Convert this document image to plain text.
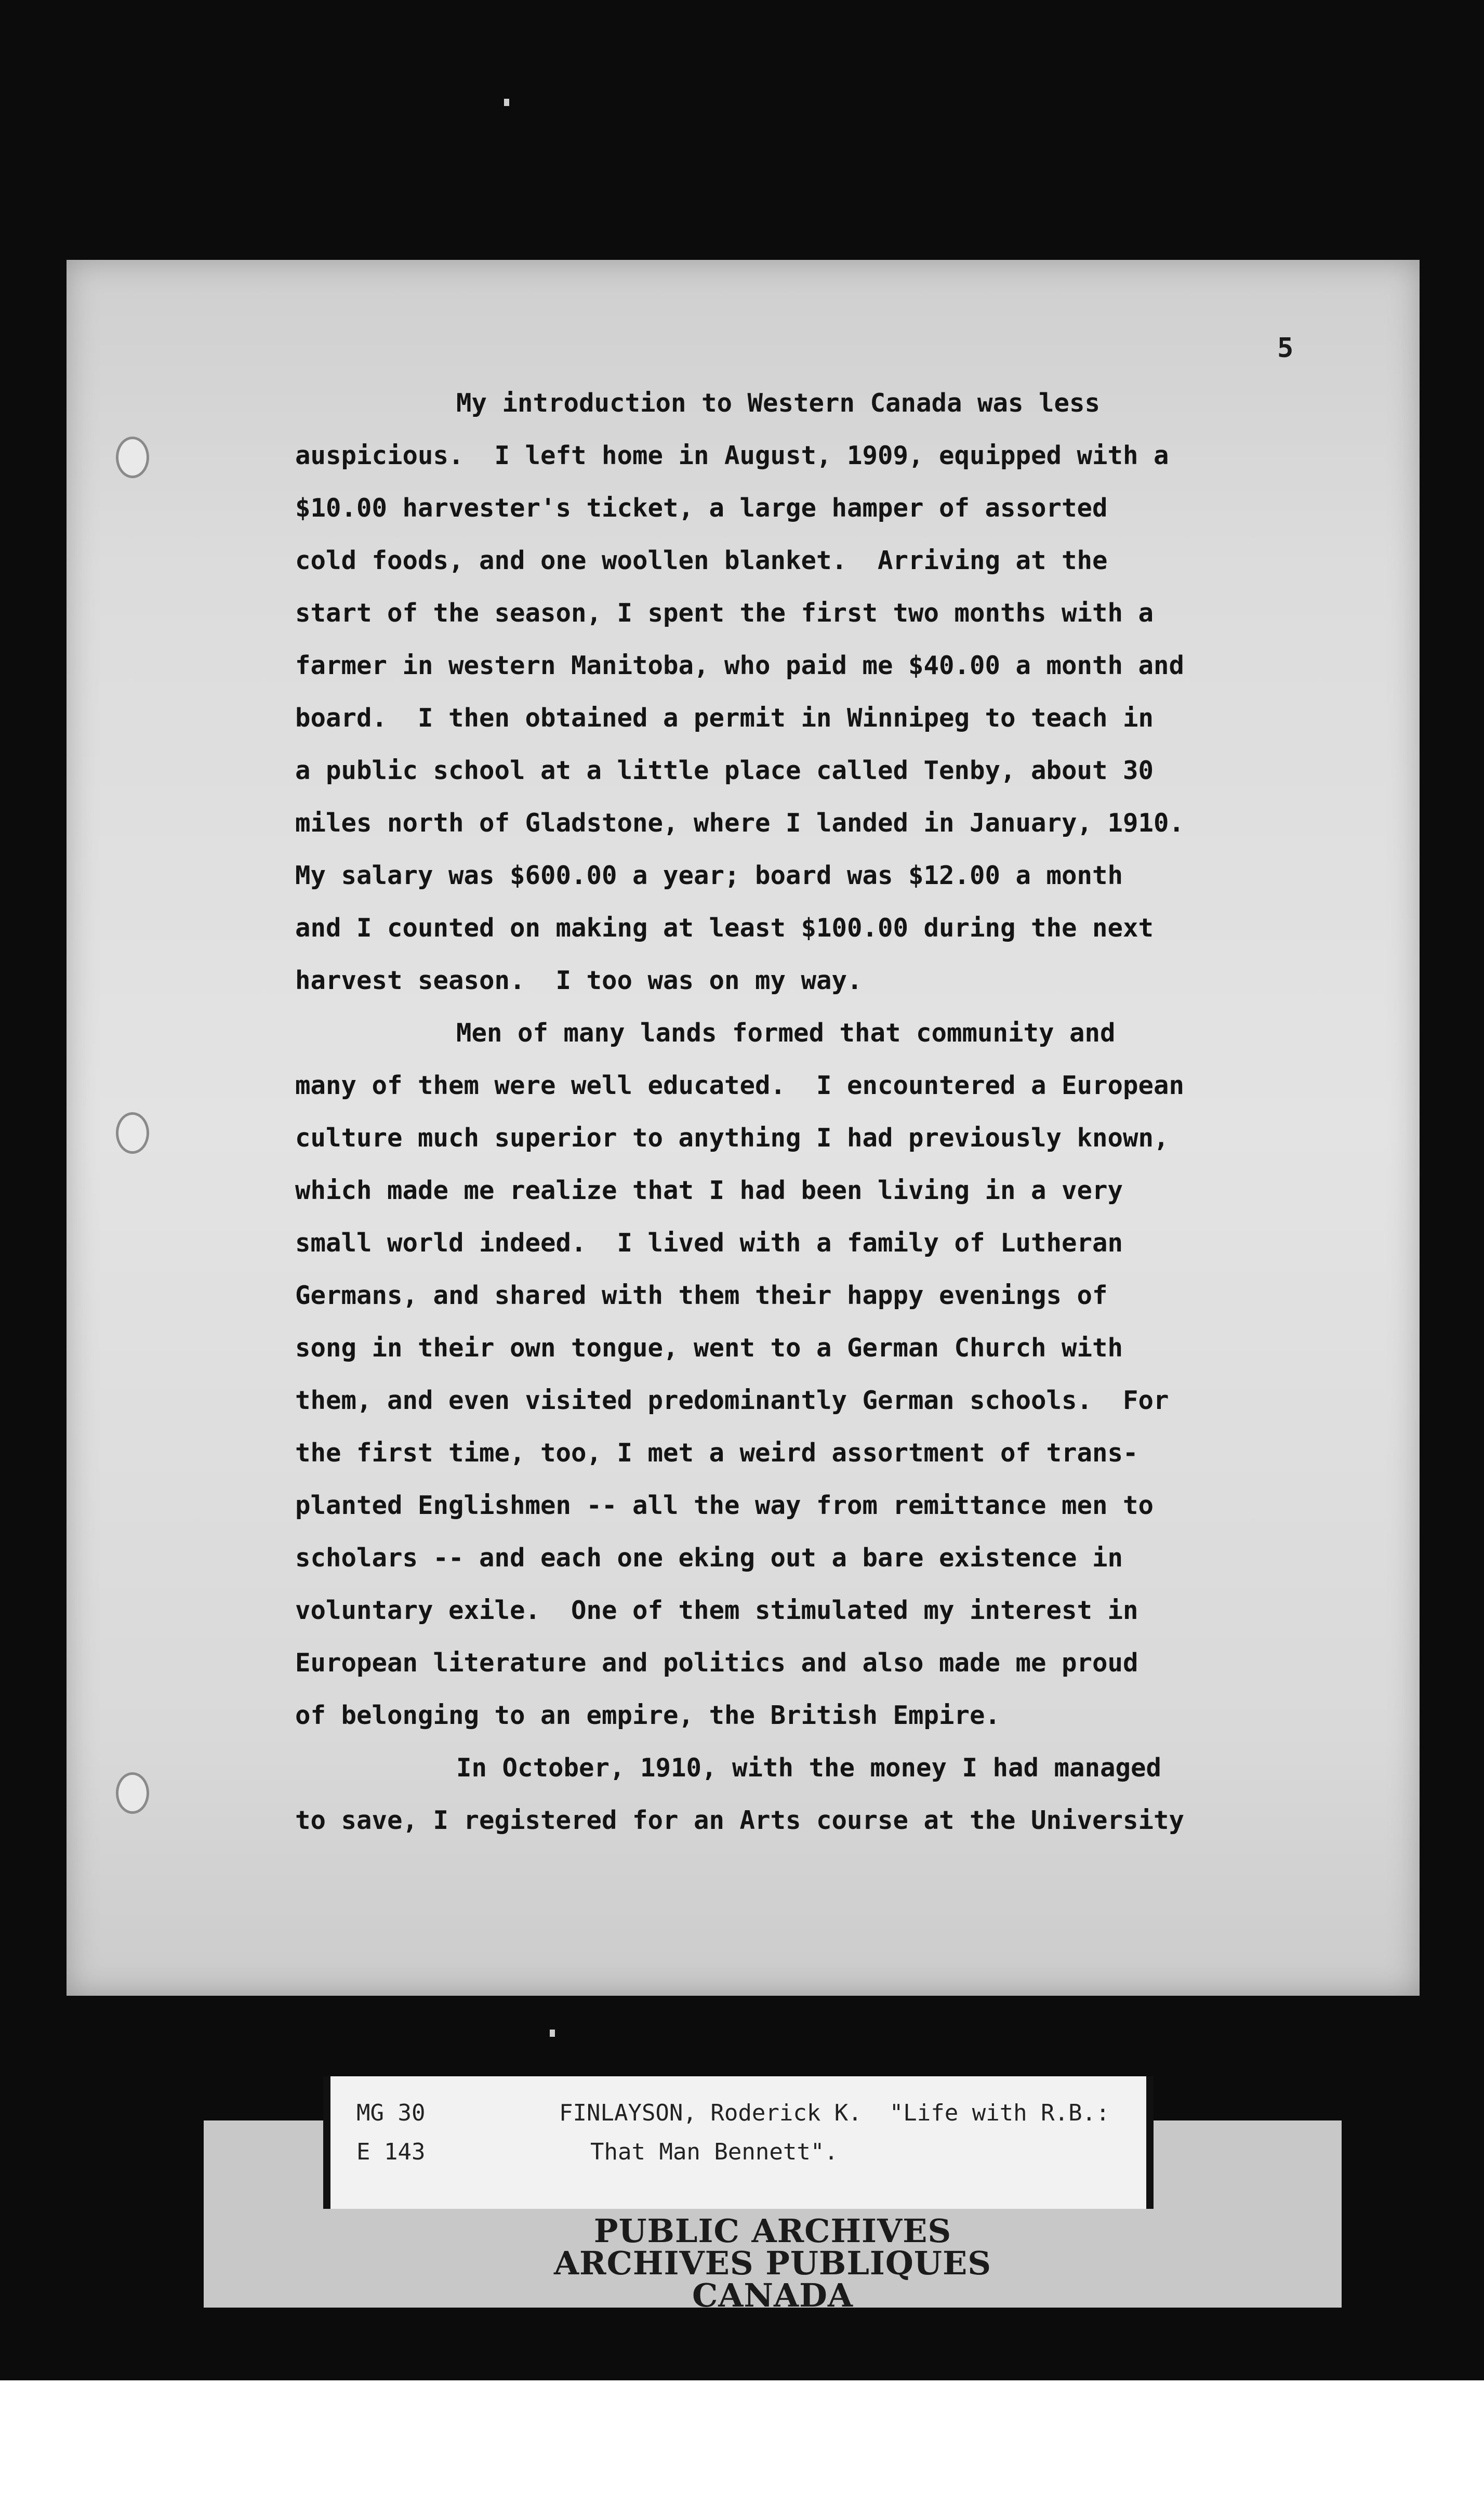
5
My introduction to Western Canada was less
auspicious.  I left home in August, 1909, equipped with a
$10.00 harvester's ticket, a large hamper of assorted
cold foods, and one woollen blanket.  Arriving at the
start of the season, I spent the first two months with a
farmer in western Manitoba, who paid me $40.00 a month and
board.  I then obtained a permit in Winnipeg to teach in
a public school at a little place called Tenby, about 30
miles north of Gladstone, where I landed in January, 1910.
My salary was $600.00 a year; board was $12.00 a month
and I counted on making at least $100.00 during the next
harvest season.  I too was on my way.
Men of many lands formed that community and
many of them were well educated.  I encountered a European
culture much superior to anything I had previously known,
which made me realize that I had been living in a very
small world indeed.  I lived with a family of Lutheran
Germans, and shared with them their happy evenings of
song in their own tongue, went to a German Church with
them, and even visited predominantly German schools.  For
the first time, too, I met a weird assortment of trans-
planted Englishmen -- all the way from remittance men to
scholars -- and each one eking out a bare existence in
voluntary exile.  One of them stimulated my interest in
European literature and politics and also made me proud
of belonging to an empire, the British Empire.
In October, 1910, with the money I had managed
to save, I registered for an Arts course at the University
MG 30
E 143
FINLAYSON, Roderick K.  "Life with R.B.:
That Man Bennett".
PUBLIC ARCHIVES
ARCHIVES PUBLIQUES
CANADA
